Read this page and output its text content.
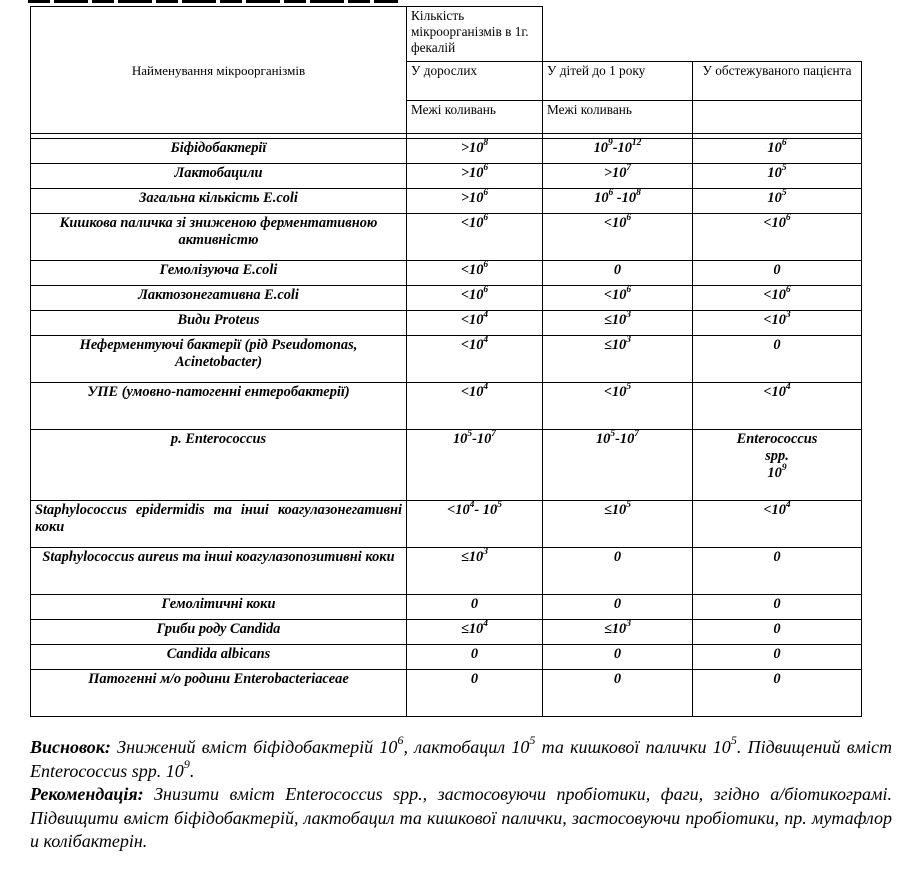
Найменування мікроорганізмів	Кількість мікроорганізмів в 1г. фекалій		
	У дорослих	У дітей до 1 року	У обстежуваного пацієнта
	Межі коливань	Межі коливань	

Біфідобактерії	$>10^8$	$10^9-10^{12}$	$10^6$
Лактобацили	$>10^6$	$>10^7$	$10^5$
Загальна кількість E.coli	$>10^6$	$10^6$ $-10^8$	$10^5$
Кишкова паличка зі зниженою ферментативною активністю	$<10^6$	$<10^6$	$<10^6$
Гемолізуюча E.coli	$<10^6$	0	0
Лактозонегативна E.coli	$<10^6$	$<10^6$	$<10^6$
Види Proteus	$<10^4$	$\le 10^3$	$<10^3$
Неферментуючі бактерії (рід Pseudomonas, Acinetobacter)	$<10^4$	$\le 10^3$	0
УПЕ (умовно-патогенні ентеробактерії)	$<10^4$	$<10^5$	$<10^4$
р. Enterococcus	$10^5-10^7$	$10^5-10^7$	Enterococcus
spp.
$10^9$

Staphylococcus epidermidis та інші коагулазонегативні коки	$<10^4-$ $10^5$	$\le 10^5$	$<10^4$
Staphylococcus aureus та інші коагулазопозитивні коки	$\le 10^3$	0	0
Гемолітичні коки	0	0	0
Гриби роду Candida	$\le 10^4$	$\le 10^3$	0
Candida albicans	0	0	0
Патогенні м/о родини Enterobacteriaceae	0	0	0

Висновок: Знижений вміст біфідобактерій $10^6$, лактобацил $10^5$ та кишкової палички $10^5$. Підвищений вміст Enterococcus spp. $10^9$.

Рекомендація: Знизити вміст Enterococcus spp., застосовуючи пробіотики, фаги, згідно а/біотикограмі. Підвищити вміст біфідобактерій, лактобацил та кишкової палички, застосовуючи пробіотики, пр. мутафлор и колібактерін.
